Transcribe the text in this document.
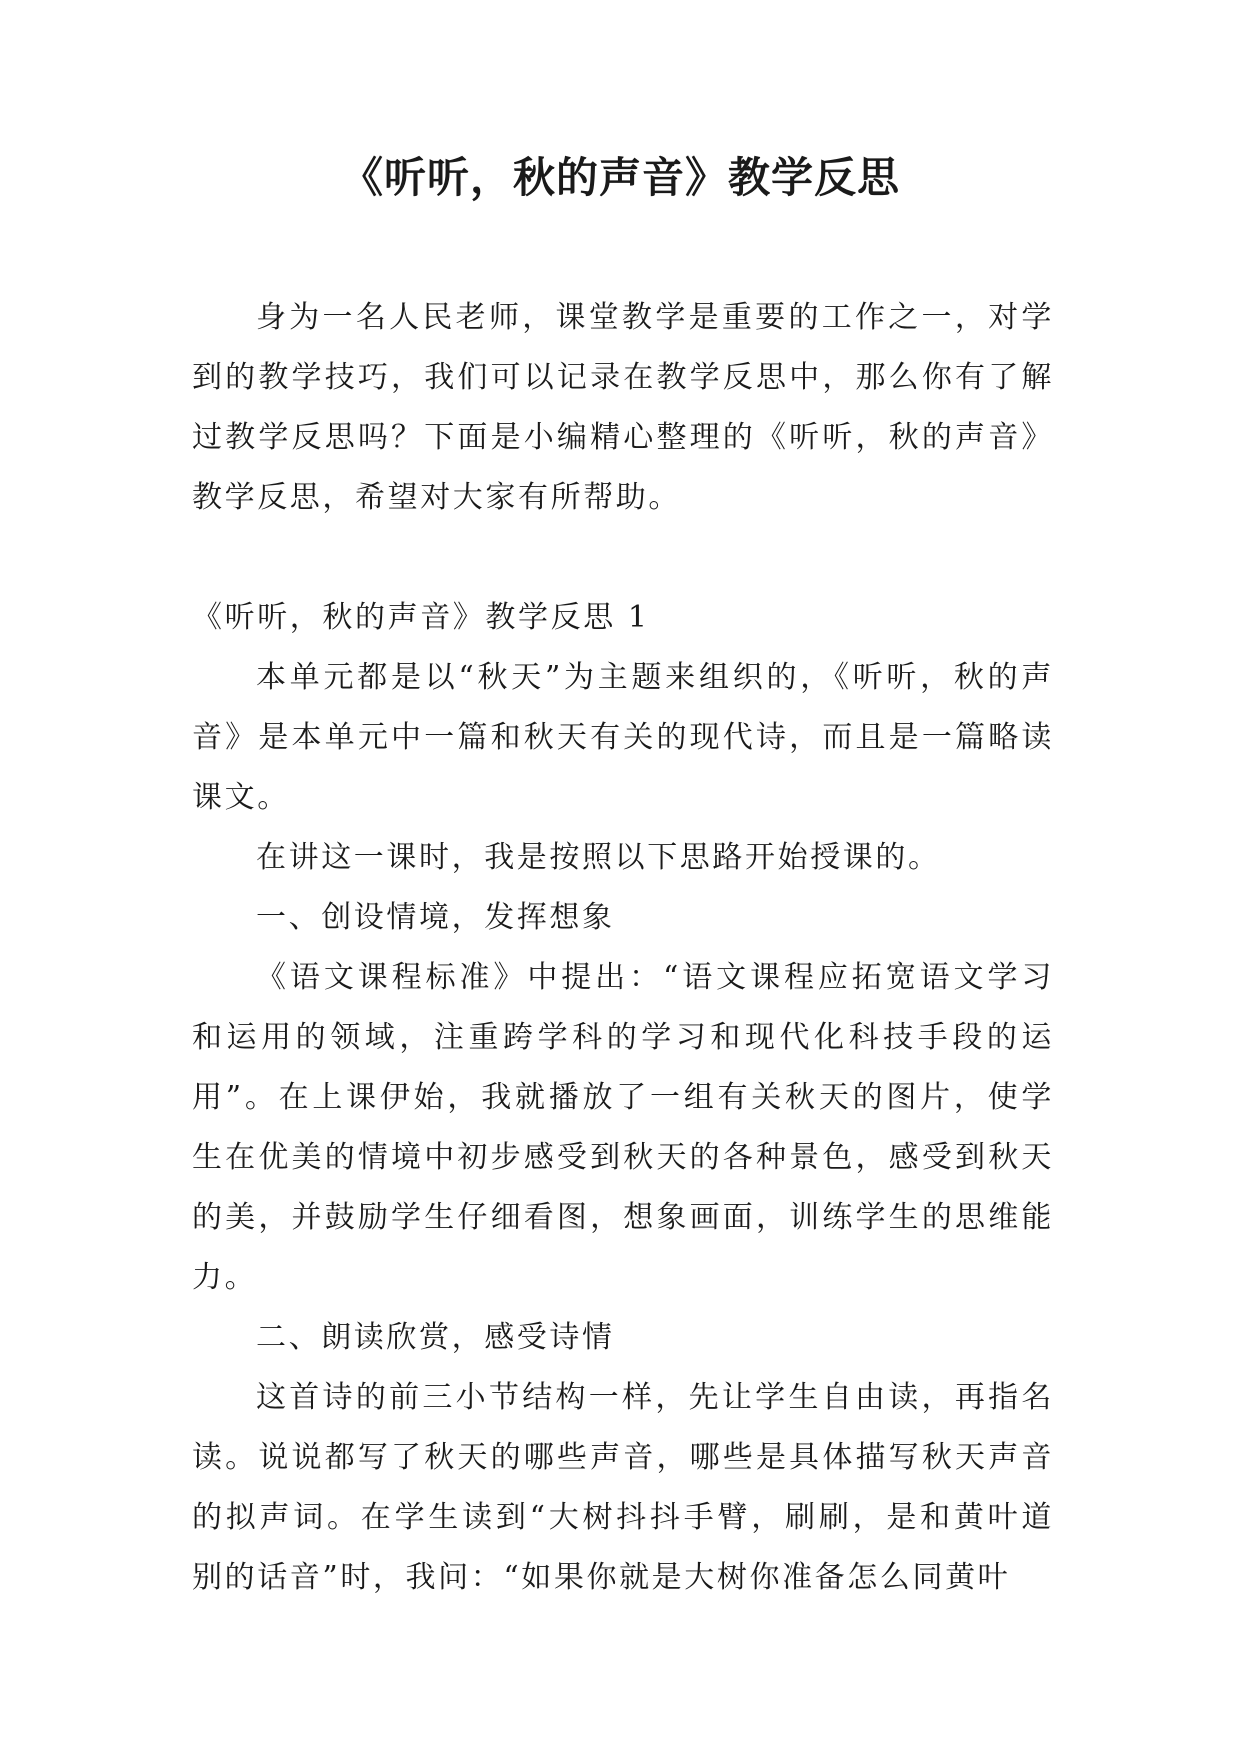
《听听，秋的声音》教学反思

身为一名人民老师，课堂教学是重要的工作之一，对学到的教学技巧，我们可以记录在教学反思中，那么你有了解过教学反思吗？下面是小编精心整理的《听听，秋的声音》教学反思，希望对大家有所帮助。

《听听，秋的声音》教学反思 1

本单元都是以“秋天”为主题来组织的，《听听，秋的声音》是本单元中一篇和秋天有关的现代诗，而且是一篇略读课文。

在讲这一课时，我是按照以下思路开始授课的。

一、创设情境，发挥想象

《语文课程标准》中提出：“语文课程应拓宽语文学习和运用的领域，注重跨学科的学习和现代化科技手段的运用”。在上课伊始，我就播放了一组有关秋天的图片，使学生在优美的情境中初步感受到秋天的各种景色，感受到秋天的美，并鼓励学生仔细看图，想象画面，训练学生的思维能力。

二、朗读欣赏，感受诗情

这首诗的前三小节结构一样，先让学生自由读，再指名读。说说都写了秋天的哪些声音，哪些是具体描写秋天声音的拟声词。在学生读到“大树抖抖手臂，刷刷，是和黄叶道别的话音”时，我问：“如果你就是大树你准备怎么同黄叶
